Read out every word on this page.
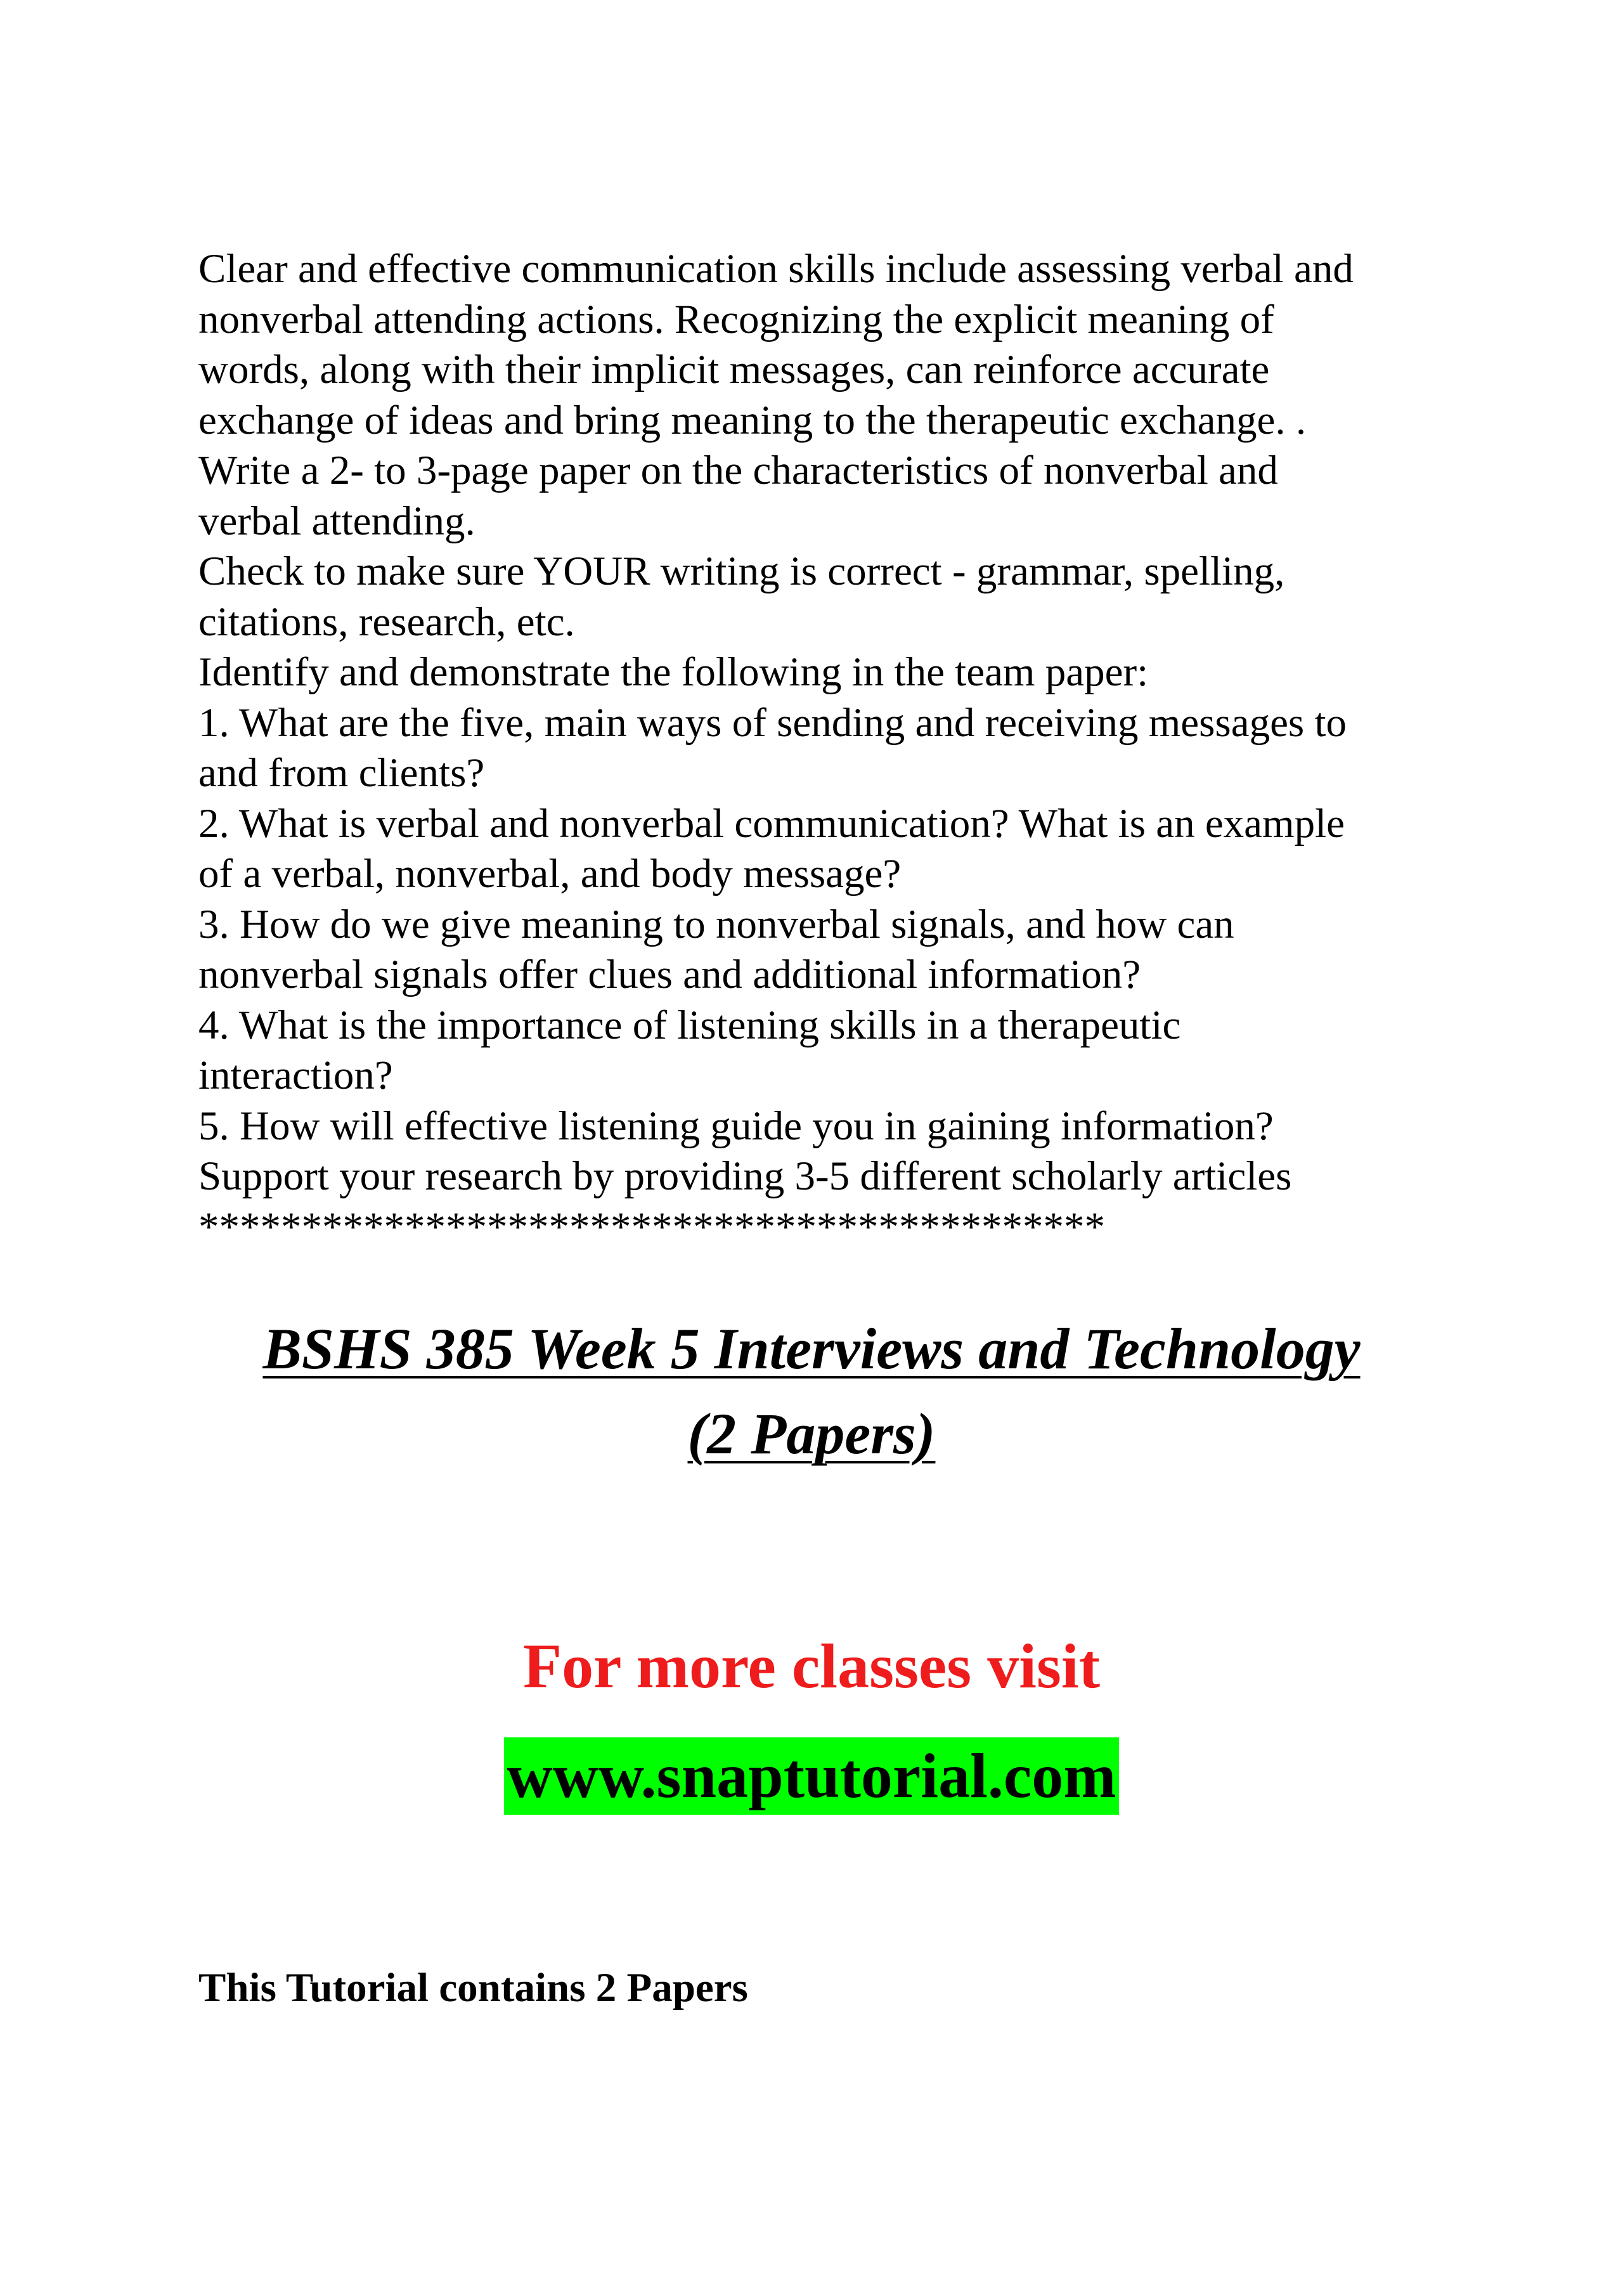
Clear and effective communication skills include assessing verbal and
nonverbal attending actions. Recognizing the explicit meaning of
words, along with their implicit messages, can reinforce accurate
exchange of ideas and bring meaning to the therapeutic exchange. .
Write a 2- to 3-page paper on the characteristics of nonverbal and
verbal attending.
Check to make sure YOUR writing is correct - grammar, spelling,
citations, research, etc.
Identify and demonstrate the following in the team paper:
1. What are the five, main ways of sending and receiving messages to
and from clients?
2. What is verbal and nonverbal communication? What is an example
of a verbal, nonverbal, and body message?
3. How do we give meaning to nonverbal signals, and how can
nonverbal signals offer clues and additional information?
4. What is the importance of listening skills in a therapeutic
interaction?
5. How will effective listening guide you in gaining information?
Support your research by providing 3-5 different scholarly articles
********************************************
BSHS 385 Week 5 Interviews and Technology
(2 Papers)
For more classes visit
www.snaptutorial.com
This Tutorial contains 2 Papers
